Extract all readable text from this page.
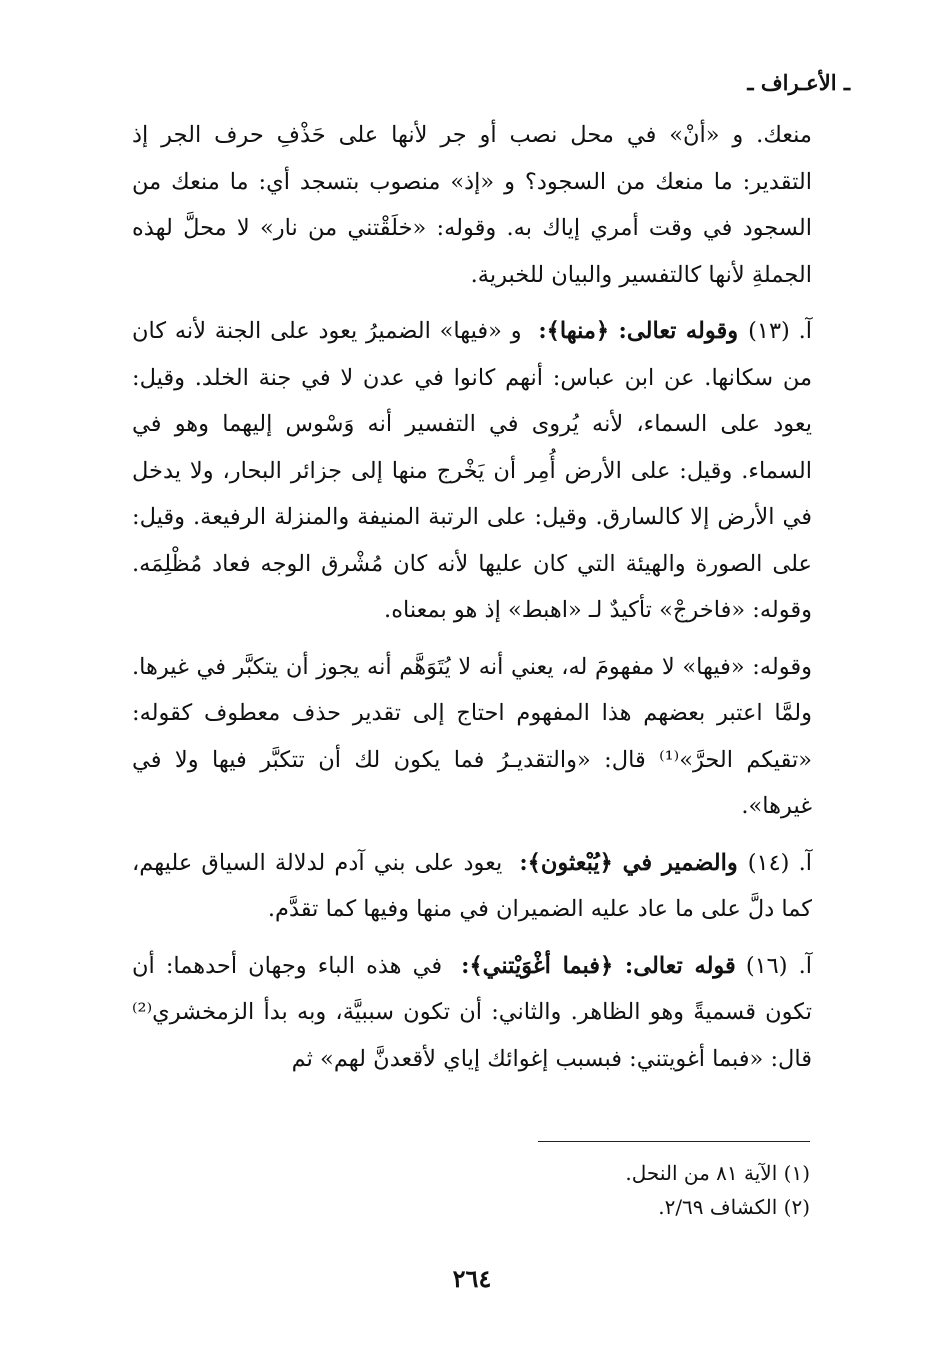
ـ الأعـراف ـ

منعك. و «أنْ» في محل نصب أو جر لأنها على حَذْفِ حرف الجر إذ التقدير: ما منعك من السجود؟ و «إذ» منصوب بتسجد أي: ما منعك من السجود في وقت أمري إياك به. وقوله: «خلَقْتني من نار» لا محلَّ لهذه الجملةِ لأنها كالتفسير والبيان للخبرية.

آ. (١٣)وقوله تعالى: ﴿منها﴾: و «فيها» الضميرُ يعود على الجنة لأنه كان من سكانها. عن ابن عباس: أنهم كانوا في عدن لا في جنة الخلد. وقيل: يعود على السماء، لأنه يُروى في التفسير أنه وَسْوس إليهما وهو في السماء. وقيل: على الأرض أُمِر أن يَخْرج منها إلى جزائر البحار، ولا يدخل في الأرض إلا كالسارق. وقيل: على الرتبة المنيفة والمنزلة الرفيعة. وقيل: على الصورة والهيئة التي كان عليها لأنه كان مُشْرق الوجه فعاد مُظْلِمَه. وقوله: «فاخرجْ» تأكيدٌ لـ «اهبط» إذ هو بمعناه.

وقوله: «فيها» لا مفهومَ له، يعني أنه لا يُتَوَهَّم أنه يجوز أن يتكبَّر في غيرها. ولمَّا اعتبر بعضهم هذا المفهوم احتاج إلى تقدير حذف معطوف كقوله: «تقيكم الحرَّ»⁽¹⁾ قال: «والتقديـرُ فما يكون لك أن تتكبَّر فيها ولا في غيرها».

آ. (١٤)والضمير في ﴿يُبْعثون﴾: يعود على بني آدم لدلالة السياق عليهم، كما دلَّ على ما عاد عليه الضميران في منها وفيها كما تقدَّم.

آ. (١٦)قوله تعالى: ﴿فبما أغْوَيْتني﴾: في هذه الباء وجهان أحدهما: أن تكون قسميةً وهو الظاهر. والثاني: أن تكون سببيَّة، وبه بدأ الزمخشري⁽²⁾ قال: «فبما أغويتني: فبسبب إغوائك إياي لأقعدنَّ لهم» ثم

(١) الآية ٨١ من النحل.
(٢) الكشاف ٢/٦٩.
٢٦٤
